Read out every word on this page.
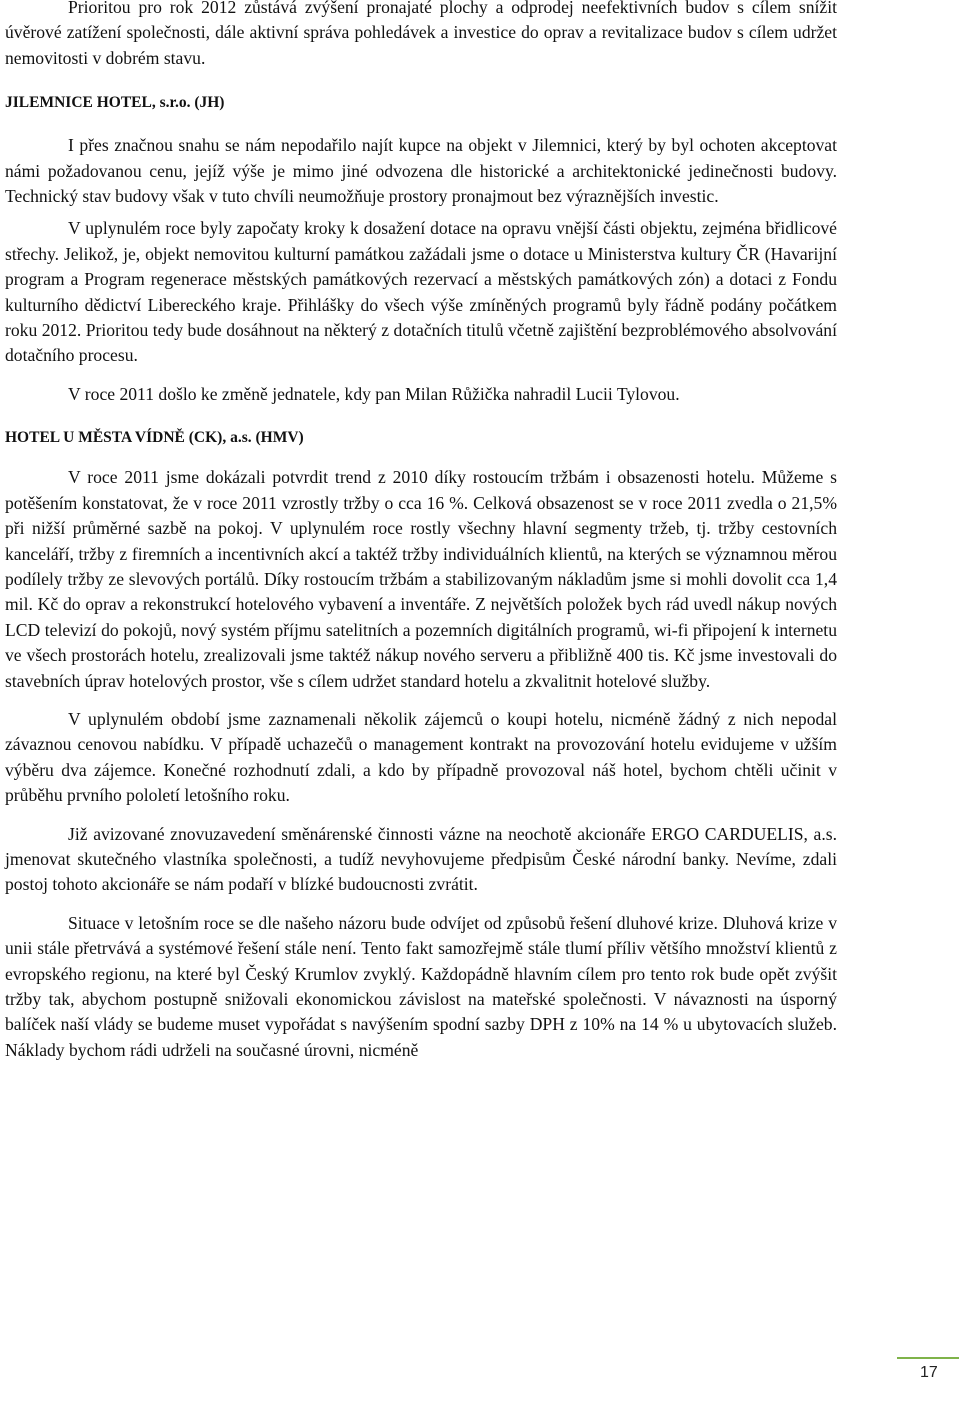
Prioritou pro rok 2012 zůstává zvýšení pronajaté plochy a odprodej neefektivních budov s cílem snížit úvěrové zatížení společnosti, dále aktivní správa pohledávek a investice do oprav a revitalizace budov s cílem udržet nemovitosti v dobrém stavu.

JILEMNICE HOTEL, s.r.o. (JH)

I přes značnou snahu se nám nepodařilo najít kupce na objekt v Jilemnici, který by byl ochoten akceptovat námi požadovanou cenu, jejíž výše je mimo jiné odvozena dle historické a architektonické jedinečnosti budovy. Technický stav budovy však v tuto chvíli neumožňuje prostory pronajmout bez výraznějších investic.

V uplynulém roce byly započaty kroky k dosažení dotace na opravu vnější části objektu, zejména břidlicové střechy. Jelikož, je, objekt nemovitou kulturní památkou zažádali jsme o dotace u Ministerstva kultury ČR (Havarijní program a Program regenerace městských památkových rezervací a městských památkových zón) a dotaci z Fondu kulturního dědictví Libereckého kraje. Přihlášky do všech výše zmíněných programů byly řádně podány počátkem roku 2012. Prioritou tedy bude dosáhnout na některý z dotačních titulů včetně zajištění bezproblémového absolvování dotačního procesu.

V roce 2011 došlo ke změně jednatele, kdy pan Milan Růžička nahradil Lucii Tylovou.

HOTEL U MĚSTA VÍDNĚ (CK), a.s. (HMV)

V roce 2011 jsme dokázali potvrdit trend z 2010 díky rostoucím tržbám i obsazenosti hotelu. Můžeme s potěšením konstatovat, že v roce 2011 vzrostly tržby o cca 16 %. Celková obsazenost se v roce 2011 zvedla o 21,5% při nižší průměrné sazbě na pokoj. V uplynulém roce rostly všechny hlavní segmenty tržeb, tj. tržby cestovních kanceláří, tržby z firemních a incentivních akcí a taktéž tržby individuálních klientů, na kterých se významnou měrou podílely tržby ze slevových portálů. Díky rostoucím tržbám a stabilizovaným nákladům jsme si mohli dovolit cca 1,4 mil. Kč do oprav a rekonstrukcí hotelového vybavení a inventáře. Z největších položek bych rád uvedl nákup nových LCD televizí do pokojů, nový systém příjmu satelitních a pozemních digitálních programů, wi-fi připojení k internetu ve všech prostorách hotelu, zrealizovali jsme taktéž nákup nového serveru a přibližně 400 tis. Kč jsme investovali do stavebních úprav hotelových prostor, vše s cílem udržet standard hotelu a zkvalitnit hotelové služby.

V uplynulém období jsme zaznamenali několik zájemců o koupi hotelu, nicméně žádný z nich nepodal závaznou cenovou nabídku. V případě uchazečů o management kontrakt na provozování hotelu evidujeme v užším výběru dva zájemce. Konečné rozhodnutí zdali, a kdo by případně provozoval náš hotel, bychom chtěli učinit v průběhu prvního pololetí letošního roku.

Již avizované znovuzavedení směnárenské činnosti vázne na neochotě akcionáře ERGO CARDUELIS, a.s. jmenovat skutečného vlastníka společnosti, a tudíž nevyhovujeme předpisům České národní banky. Nevíme, zdali postoj tohoto akcionáře se nám podaří v blízké budoucnosti zvrátit.

Situace v letošním roce se dle našeho názoru bude odvíjet od způsobů řešení dluhové krize. Dluhová krize v unii stále přetrvává a systémové řešení stále není. Tento fakt samozřejmě stále tlumí příliv většího množství klientů z evropského regionu, na které byl Český Krumlov zvyklý. Každopádně hlavním cílem pro tento rok bude opět zvýšit tržby tak, abychom postupně snižovali ekonomickou závislost na mateřské společnosti. V návaznosti na úsporný balíček naší vlády se budeme muset vypořádat s navýšením spodní sazby DPH z 10% na 14 % u ubytovacích služeb. Náklady bychom rádi udrželi na současné úrovni, nicméně

17
